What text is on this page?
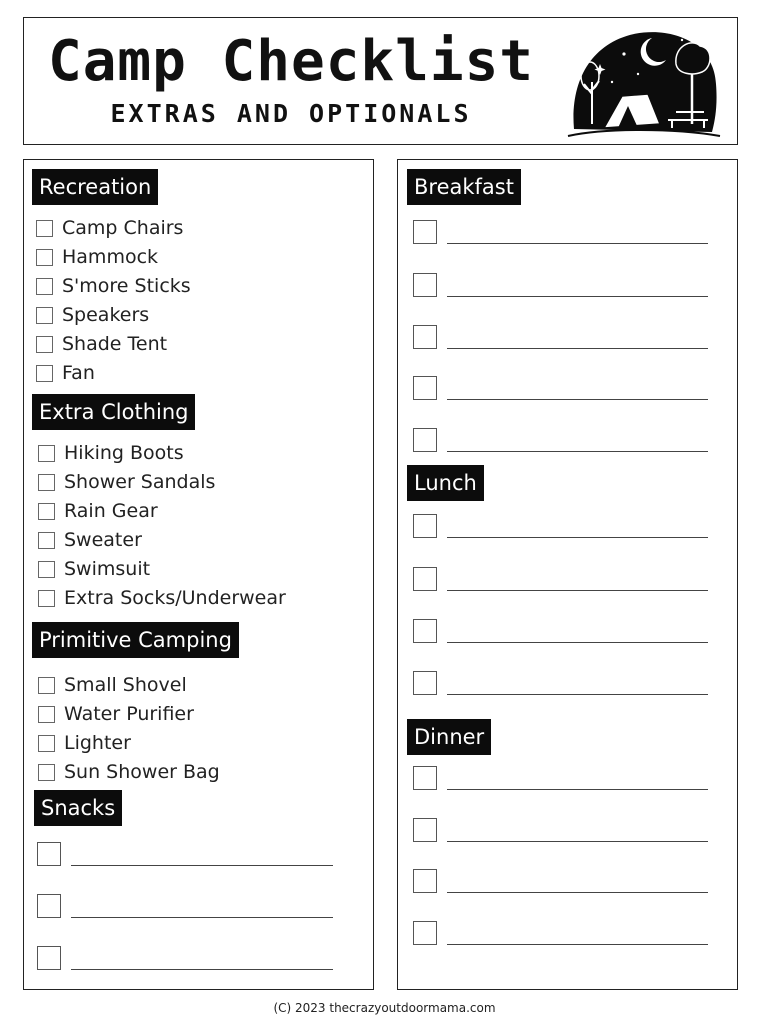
Camp Checklist
EXTRAS AND OPTIONALS
Recreation
Camp Chairs
Hammock
S'more Sticks
Speakers
Shade Tent
Fan
Extra Clothing
Hiking Boots
Shower Sandals
Rain Gear
Sweater
Swimsuit
Extra Socks/Underwear
Primitive Camping
Small Shovel
Water Purifier
Lighter
Sun Shower Bag
Snacks
Breakfast
Lunch
Dinner
(C) 2023 thecrazyoutdoormama.com
